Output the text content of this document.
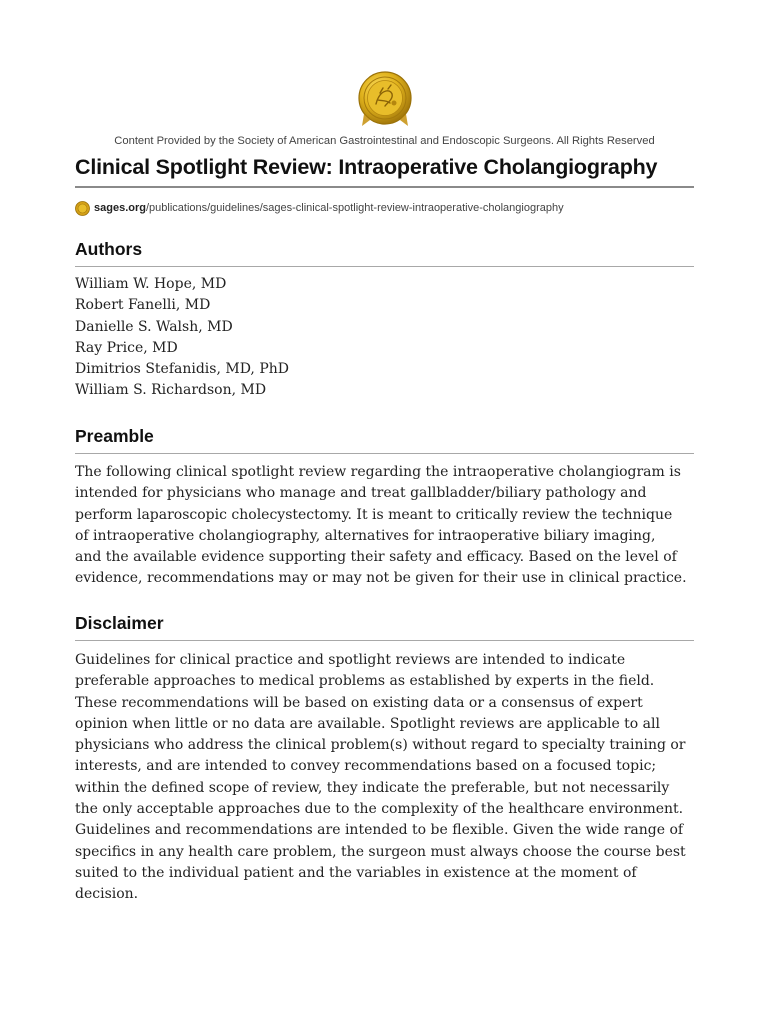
Content Provided by the Society of American Gastrointestinal and Endoscopic Surgeons. All Rights Reserved
Clinical Spotlight Review: Intraoperative Cholangiography
sages.org /publications/guidelines/sages-clinical-spotlight-review-intraoperative-cholangiography
Authors
William W. Hope, MD
Robert Fanelli, MD
Danielle S. Walsh, MD
Ray Price, MD
Dimitrios Stefanidis, MD, PhD
William S. Richardson, MD
Preamble
The following clinical spotlight review regarding the intraoperative cholangiogram is
intended for physicians who manage and treat gallbladder/biliary pathology and
perform laparoscopic cholecystectomy. It is meant to critically review the technique
of intraoperative cholangiography, alternatives for intraoperative biliary imaging,
and the available evidence supporting their safety and efficacy. Based on the level of
evidence, recommendations may or may not be given for their use in clinical practice.
Disclaimer
Guidelines for clinical practice and spotlight reviews are intended to indicate
preferable approaches to medical problems as established by experts in the field.
These recommendations will be based on existing data or a consensus of expert
opinion when little or no data are available. Spotlight reviews are applicable to all
physicians who address the clinical problem(s) without regard to specialty training or
interests, and are intended to convey recommendations based on a focused topic;
within the defined scope of review, they indicate the preferable, but not necessarily
the only acceptable approaches due to the complexity of the healthcare environment.
Guidelines and recommendations are intended to be flexible. Given the wide range of
specifics in any health care problem, the surgeon must always choose the course best
suited to the individual patient and the variables in existence at the moment of
decision.
